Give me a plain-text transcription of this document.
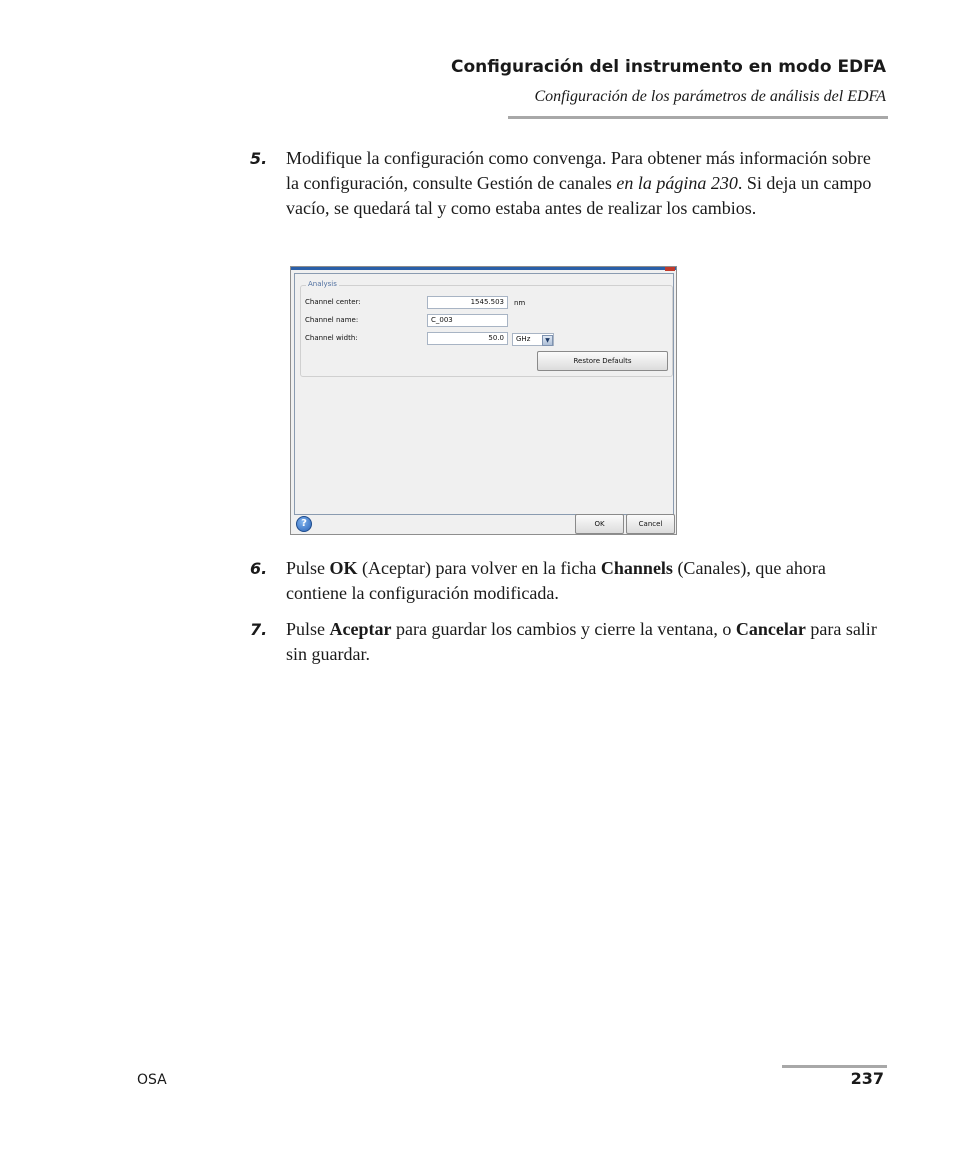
Configuración del instrumento en modo EDFA
Configuración de los parámetros de análisis del EDFA
5. Modifique la configuración como convenga. Para obtener más información sobre la configuración, consulte Gestión de canales en la página 230. Si deja un campo vacío, se quedará tal y como estaba antes de realizar los cambios.
Analysis
Channel center:	1545.503	nm
Channel name:	C_003
Channel width:	50.0	GHz	▼
Restore Defaults
?	OK	Cancel
6. Pulse OK (Aceptar) para volver en la ficha Channels (Canales), que ahora contiene la configuración modificada.
7. Pulse Aceptar para guardar los cambios y cierre la ventana, o Cancelar para salir sin guardar.
OSA	237
